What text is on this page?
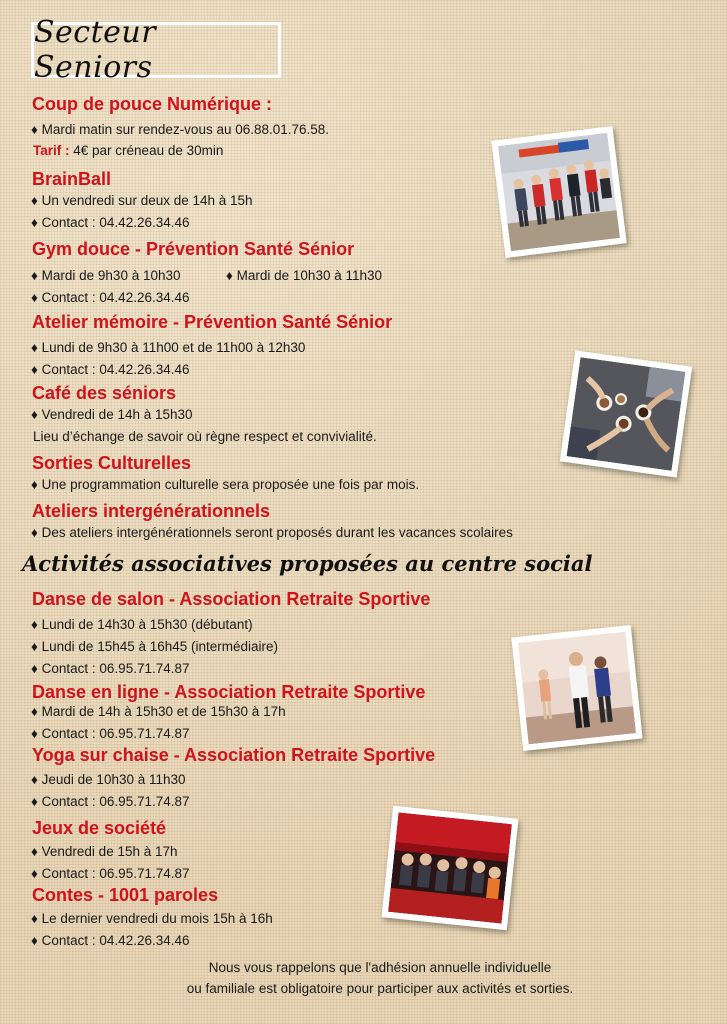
Secteur Seniors
Coup de pouce Numérique :
♦ Mardi matin sur rendez-vous au 06.88.01.76.58.
Tarif : 4€ par créneau de 30min
BrainBall
♦ Un vendredi sur deux de 14h à 15h
♦ Contact : 04.42.26.34.46
Gym douce - Prévention Santé Sénior
♦ Mardi de 9h30 à 10h30	♦ Mardi de 10h30 à 11h30
♦ Contact : 04.42.26.34.46
Atelier mémoire - Prévention Santé Sénior
♦ Lundi de 9h30 à 11h00 et de 11h00 à 12h30
♦ Contact : 04.42.26.34.46
Café des séniors
♦ Vendredi de 14h à 15h30
Lieu d’échange de savoir où règne respect et convivialité.
Sorties Culturelles
♦ Une programmation culturelle sera proposée une fois par mois.
Ateliers intergénérationnels
♦ Des ateliers intergénérationnels seront proposés durant les vacances scolaires
Activités associatives proposées au centre social
Danse de salon - Association Retraite Sportive
♦ Lundi de 14h30 à 15h30 (débutant)
♦ Lundi de 15h45 à 16h45 (intermédiaire)
♦ Contact : 06.95.71.74.87
Danse en ligne - Association Retraite Sportive
♦ Mardi de 14h à 15h30 et de 15h30 à 17h
♦ Contact : 06.95.71.74.87
Yoga sur chaise - Association Retraite Sportive
♦ Jeudi de 10h30 à 11h30
♦ Contact : 06.95.71.74.87
Jeux de société
♦ Vendredi de 15h à 17h
♦ Contact : 06.95.71.74.87
Contes - 1001 paroles
♦ Le dernier vendredi du mois 15h à 16h
♦ Contact : 04.42.26.34.46
Nous vous rappelons que l'adhésion annuelle individuelle
ou familiale est obligatoire pour participer aux activités et sorties.
